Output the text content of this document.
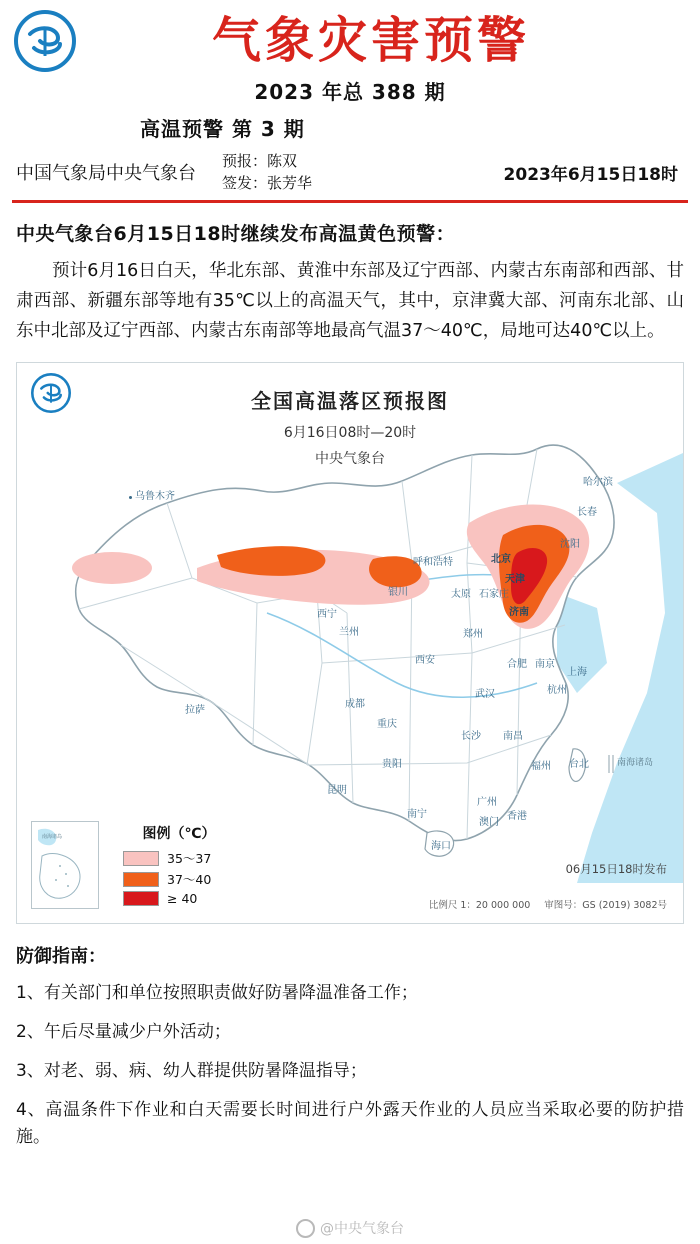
气象灾害预警
2023 年总 388 期
高温预警 第 3 期
中国气象局中央气象台
预报：陈双
签发：张芳华	2023年6月15日18时
中央气象台6月15日18时继续发布高温黄色预警：
预计6月16日白天，华北东部、黄淮中东部及辽宁西部、内蒙古东南部和西部、甘肃西部、新疆东部等地有35℃以上的高温天气，其中，京津冀大部、河南东北部、山东中北部及辽宁西部、内蒙古东南部等地最高气温37～40℃，局地可达40℃以上。
全国高温落区预报图
6月16日08时—20时
中央气象台
南海诸岛
乌鲁木齐
哈尔滨
长春
沈阳
呼和浩特	北京
天津
银川	太原 石家庄
济南
西宁
兰州	郑州
西安
拉萨
成都
合肥 南京
上海
杭州
武汉
重庆
长沙 南昌
贵阳	福州 台北
昆明
广州
南宁
澳门
香港
海口
南海诸岛	图例（℃）
35～37
37～40
≥ 40
06月15日18时发布
比例尺 1：20 000 000 审图号：GS (2019) 3082号
防御指南：
1、有关部门和单位按照职责做好防暑降温准备工作；
2、午后尽量减少户外活动；
3、对老、弱、病、幼人群提供防暑降温指导；
4、高温条件下作业和白天需要长时间进行户外露天作业的人员应当采取必要的防护措施。
@中央气象台
